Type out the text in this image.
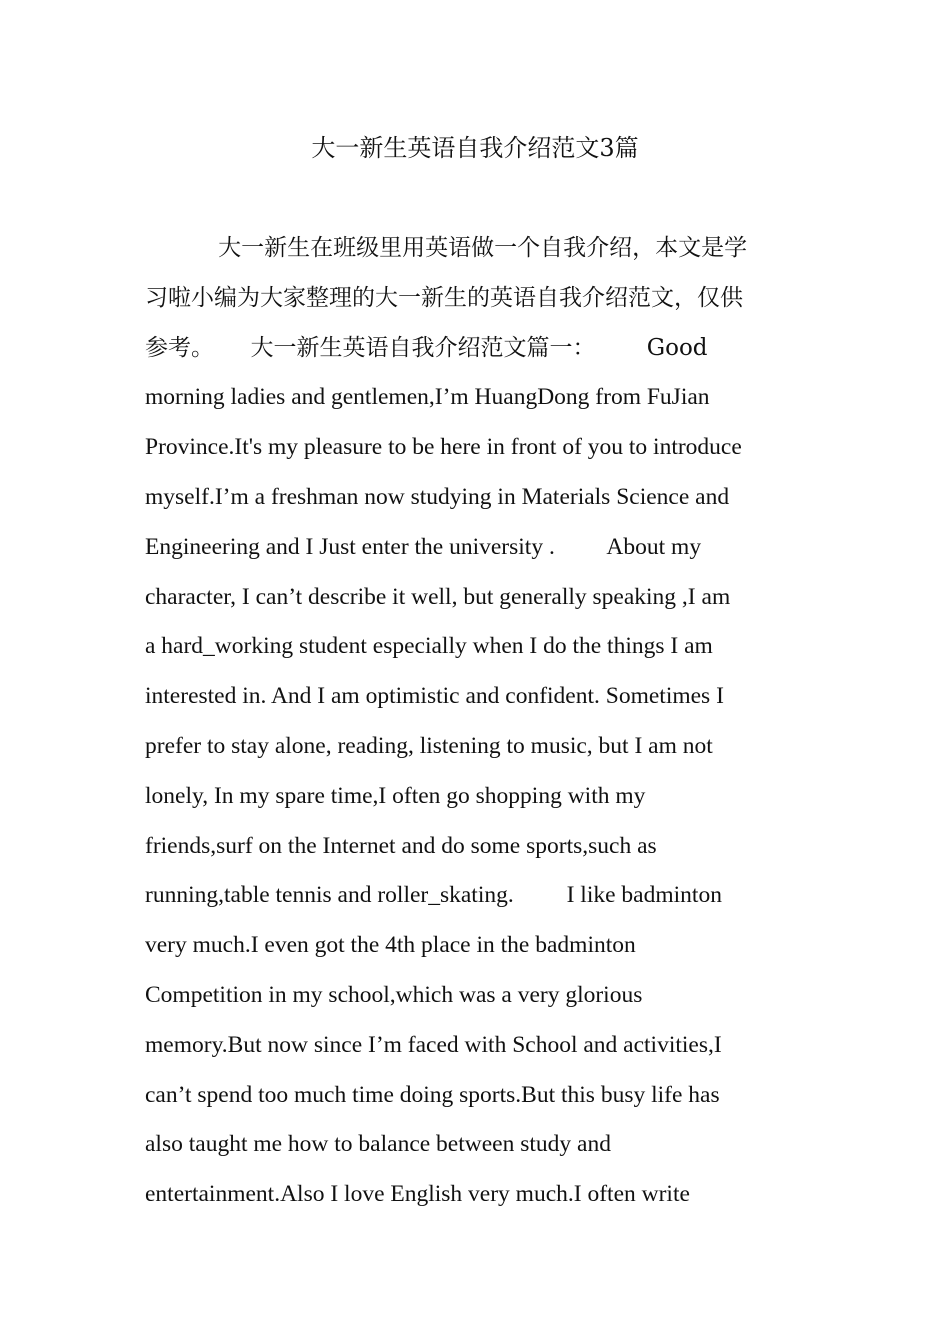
大一新生英语自我介绍范文3篇
大一新生在班级里用英语做一个自我介绍，本文是学
习啦小编为大家整理的大一新生的英语自我介绍范文，仅供
参考。     大一新生英语自我介绍范文篇一：       Good
morning ladies and gentlemen,I’m HuangDong from FuJian
Province.It's my pleasure to be here in front of you to introduce
myself.I’m a freshman now studying in Materials Science and
Engineering and I Just enter the university .         About my
character, I can’t describe it well, but generally speaking ,I am
a hard_working student especially when I do the things I am
interested in. And I am optimistic and confident. Sometimes I
prefer to stay alone, reading, listening to music, but I am not
lonely, In my spare time,I often go shopping with my
friends,surf on the Internet and do some sports,such as
running,table tennis and roller_skating.         I like badminton
very much.I even got the 4th place in the badminton
Competition in my school,which was a very glorious
memory.But now since I’m faced with School and activities,I
can’t spend too much time doing sports.But this busy life has
also taught me how to balance between study and
entertainment.Also I love English very much.I often write
